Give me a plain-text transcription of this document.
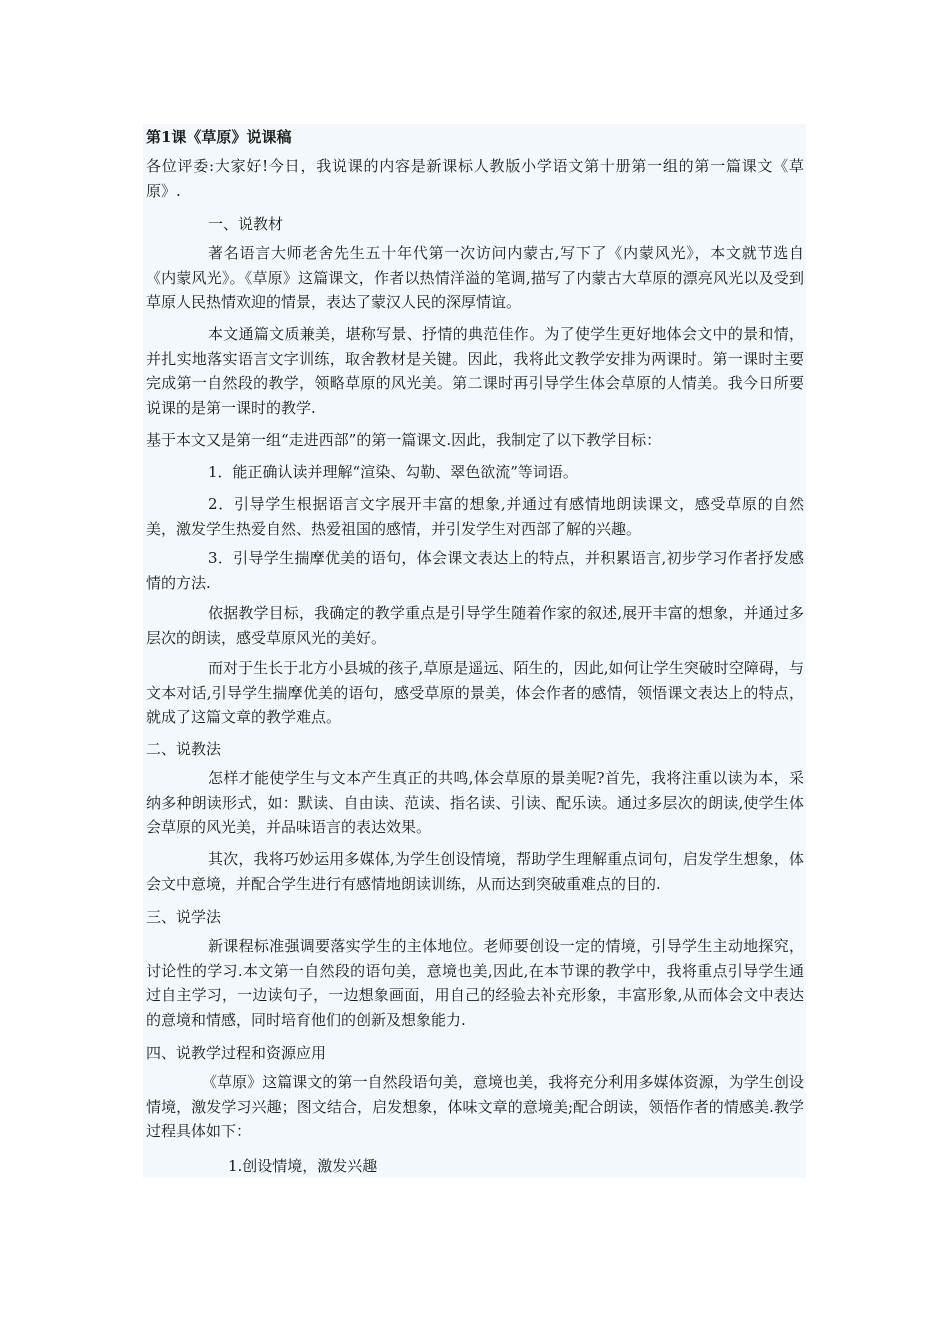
第1课《草原》说课稿

各位评委:大家好!今日，我说课的内容是新课标人教版小学语文第十册第一组的第一篇课文《草原》.

一、说教材

著名语言大师老舍先生五十年代第一次访问内蒙古,写下了《内蒙风光》，本文就节选自《内蒙风光》。《草原》这篇课文，作者以热情洋溢的笔调,描写了内蒙古大草原的漂亮风光以及受到草原人民热情欢迎的情景，表达了蒙汉人民的深厚情谊。

本文通篇文质兼美，堪称写景、抒情的典范佳作。为了使学生更好地体会文中的景和情，并扎实地落实语言文字训练，取舍教材是关键。因此，我将此文教学安排为两课时。第一课时主要完成第一自然段的教学，领略草原的风光美。第二课时再引导学生体会草原的人情美。我今日所要说课的是第一课时的教学.

基于本文又是第一组“走进西部”的第一篇课文.因此，我制定了以下教学目标：

1．能正确认读并理解“渲染、勾勒、翠色欲流”等词语。

2．引导学生根据语言文字展开丰富的想象,并通过有感情地朗读课文，感受草原的自然美，激发学生热爱自然、热爱祖国的感情，并引发学生对西部了解的兴趣。

3．引导学生揣摩优美的语句，体会课文表达上的特点，并积累语言,初步学习作者抒发感情的方法.

依据教学目标，我确定的教学重点是引导学生随着作家的叙述,展开丰富的想象，并通过多层次的朗读，感受草原风光的美好。

而对于生长于北方小县城的孩子,草原是遥远、陌生的，因此,如何让学生突破时空障碍，与文本对话,引导学生揣摩优美的语句，感受草原的景美，体会作者的感情，领悟课文表达上的特点，就成了这篇文章的教学难点。

二、说教法

怎样才能使学生与文本产生真正的共鸣,体会草原的景美呢?首先，我将注重以读为本，采纳多种朗读形式，如：默读、自由读、范读、指名读、引读、配乐读。通过多层次的朗读,使学生体会草原的风光美，并品味语言的表达效果。

其次，我将巧妙运用多媒体,为学生创设情境，帮助学生理解重点词句，启发学生想象，体会文中意境，并配合学生进行有感情地朗读训练，从而达到突破重难点的目的.

三、说学法

新课程标准强调要落实学生的主体地位。老师要创设一定的情境，引导学生主动地探究，讨论性的学习.本文第一自然段的语句美，意境也美,因此,在本节课的教学中，我将重点引导学生通过自主学习，一边读句子，一边想象画面，用自己的经验去补充形象，丰富形象,从而体会文中表达的意境和情感，同时培育他们的创新及想象能力.

四、说教学过程和资源应用

《草原》这篇课文的第一自然段语句美，意境也美，我将充分利用多媒体资源，为学生创设情境，激发学习兴趣；图文结合，启发想象，体味文章的意境美;配合朗读，领悟作者的情感美.教学过程具体如下：

1.创设情境，激发兴趣
